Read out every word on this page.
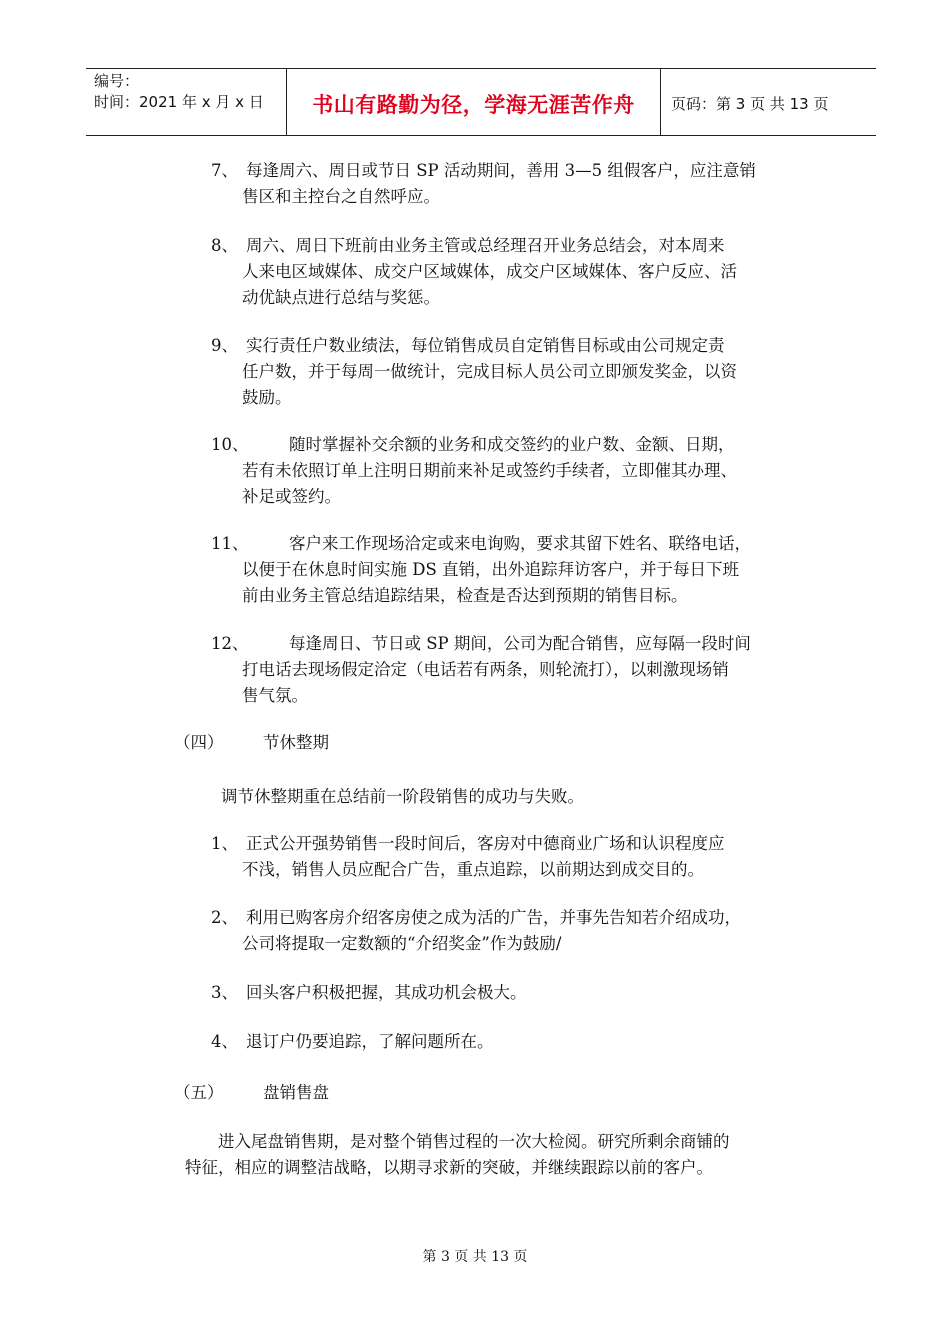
编号：
时间：2021 年 x 月 x 日	书山有路勤为径，学海无涯苦作舟	页码：第 3 页 共 13 页
7、 每逢周六、周日或节日 SP 活动期间，善用 3—5 组假客户，应注意销
售区和主控台之自然呼应。
8、 周六、周日下班前由业务主管或总经理召开业务总结会，对本周来
人来电区域媒体、成交户区域媒体，成交户区域媒体、客户反应、活
动优缺点进行总结与奖惩。
9、 实行责任户数业绩法，每位销售成员自定销售目标或由公司规定责
任户数，并于每周一做统计，完成目标人员公司立即颁发奖金，以资
鼓励。
10、 随时掌握补交余额的业务和成交签约的业户数、金额、日期，
若有未依照订单上注明日期前来补足或签约手续者，立即催其办理、
补足或签约。
11、 客户来工作现场洽定或来电询购，要求其留下姓名、联络电话，
以便于在休息时间实施 DS 直销，出外追踪拜访客户，并于每日下班
前由业务主管总结追踪结果，检查是否达到预期的销售目标。
12、 每逢周日、节日或 SP 期间，公司为配合销售，应每隔一段时间
打电话去现场假定洽定（电话若有两条，则轮流打），以刺激现场销
售气氛。
（四） 节休整期
调节休整期重在总结前一阶段销售的成功与失败。
1、 正式公开强势销售一段时间后，客房对中德商业广场和认识程度应
不浅，销售人员应配合广告，重点追踪，以前期达到成交目的。
2、 利用已购客房介绍客房使之成为活的广告，并事先告知若介绍成功，
公司将提取一定数额的“介绍奖金”作为鼓励/
3、 回头客户积极把握，其成功机会极大。
4、 退订户仍要追踪，了解问题所在。
（五） 盘销售盘
进入尾盘销售期，是对整个销售过程的一次大检阅。研究所剩余商铺的
特征，相应的调整洁战略，以期寻求新的突破，并继续跟踪以前的客户。
第 3 页 共 13 页
